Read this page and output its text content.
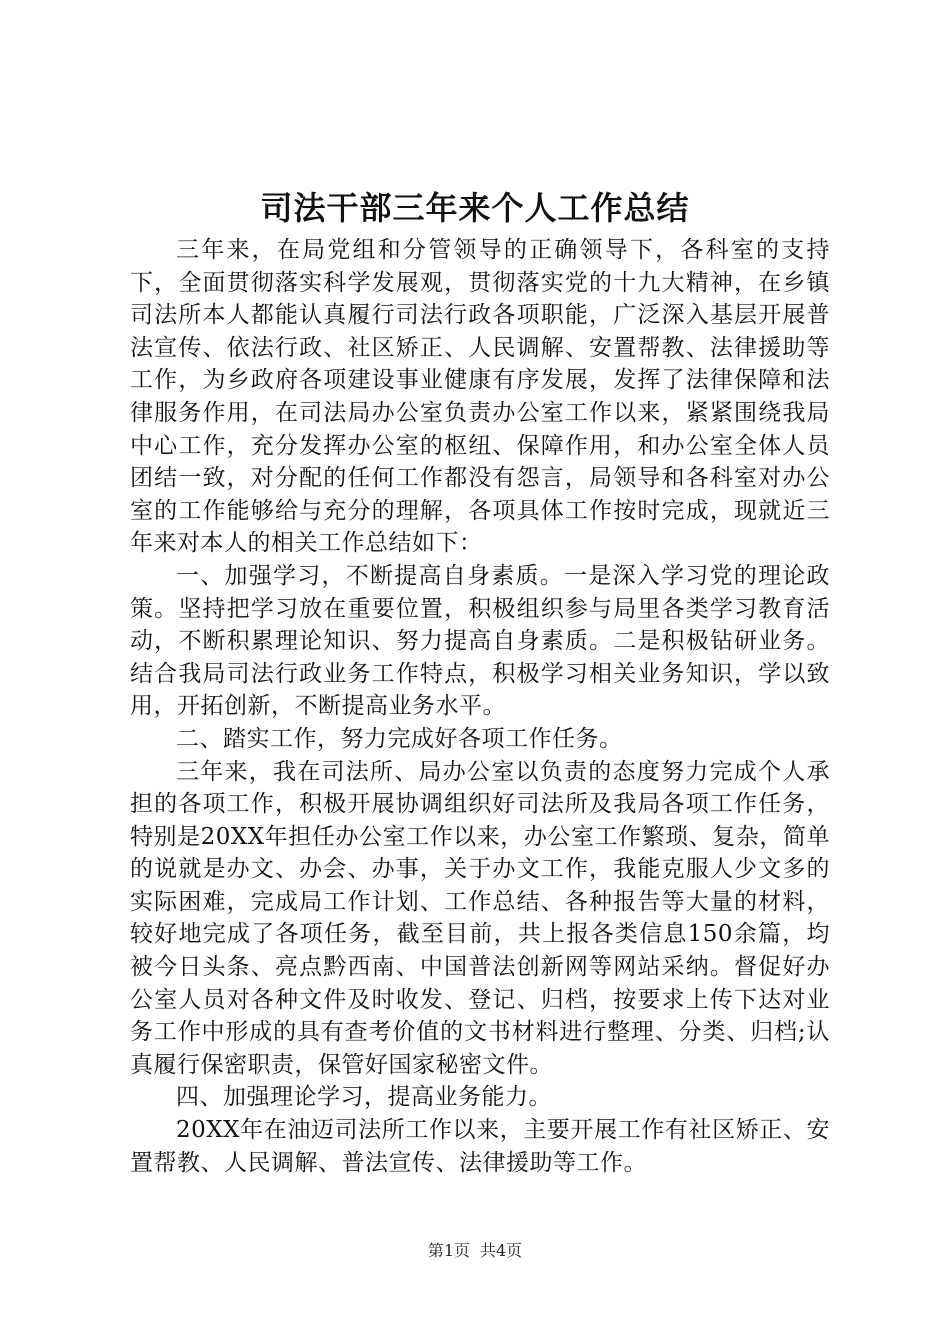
司法干部三年来个人工作总结

三年来，在局党组和分管领导的正确领导下，各科室的支持下，全面贯彻落实科学发展观，贯彻落实党的十九大精神，在乡镇司法所本人都能认真履行司法行政各项职能，广泛深入基层开展普法宣传、依法行政、社区矫正、人民调解、安置帮教、法律援助等工作，为乡政府各项建设事业健康有序发展，发挥了法律保障和法律服务作用，在司法局办公室负责办公室工作以来，紧紧围绕我局中心工作，充分发挥办公室的枢纽、保障作用，和办公室全体人员团结一致，对分配的任何工作都没有怨言，局领导和各科室对办公室的工作能够给与充分的理解，各项具体工作按时完成，现就近三年来对本人的相关工作总结如下：

一、加强学习，不断提高自身素质。一是深入学习党的理论政策。坚持把学习放在重要位置，积极组织参与局里各类学习教育活动，不断积累理论知识、努力提高自身素质。二是积极钻研业务。结合我局司法行政业务工作特点，积极学习相关业务知识，学以致用，开拓创新，不断提高业务水平。

二、踏实工作，努力完成好各项工作任务。

三年来，我在司法所、局办公室以负责的态度努力完成个人承担的各项工作，积极开展协调组织好司法所及我局各项工作任务，特别是20XX年担任办公室工作以来，办公室工作繁琐、复杂，简单的说就是办文、办会、办事，关于办文工作，我能克服人少文多的实际困难，完成局工作计划、工作总结、各种报告等大量的材料，较好地完成了各项任务，截至目前，共上报各类信息150余篇，均被今日头条、亮点黔西南、中国普法创新网等网站采纳。督促好办公室人员对各种文件及时收发、登记、归档，按要求上传下达对业务工作中形成的具有查考价值的文书材料进行整理、分类、归档;认真履行保密职责，保管好国家秘密文件。

四、加强理论学习，提高业务能力。

20XX年在油迈司法所工作以来，主要开展工作有社区矫正、安置帮教、人民调解、普法宣传、法律援助等工作。

第1页 共4页
